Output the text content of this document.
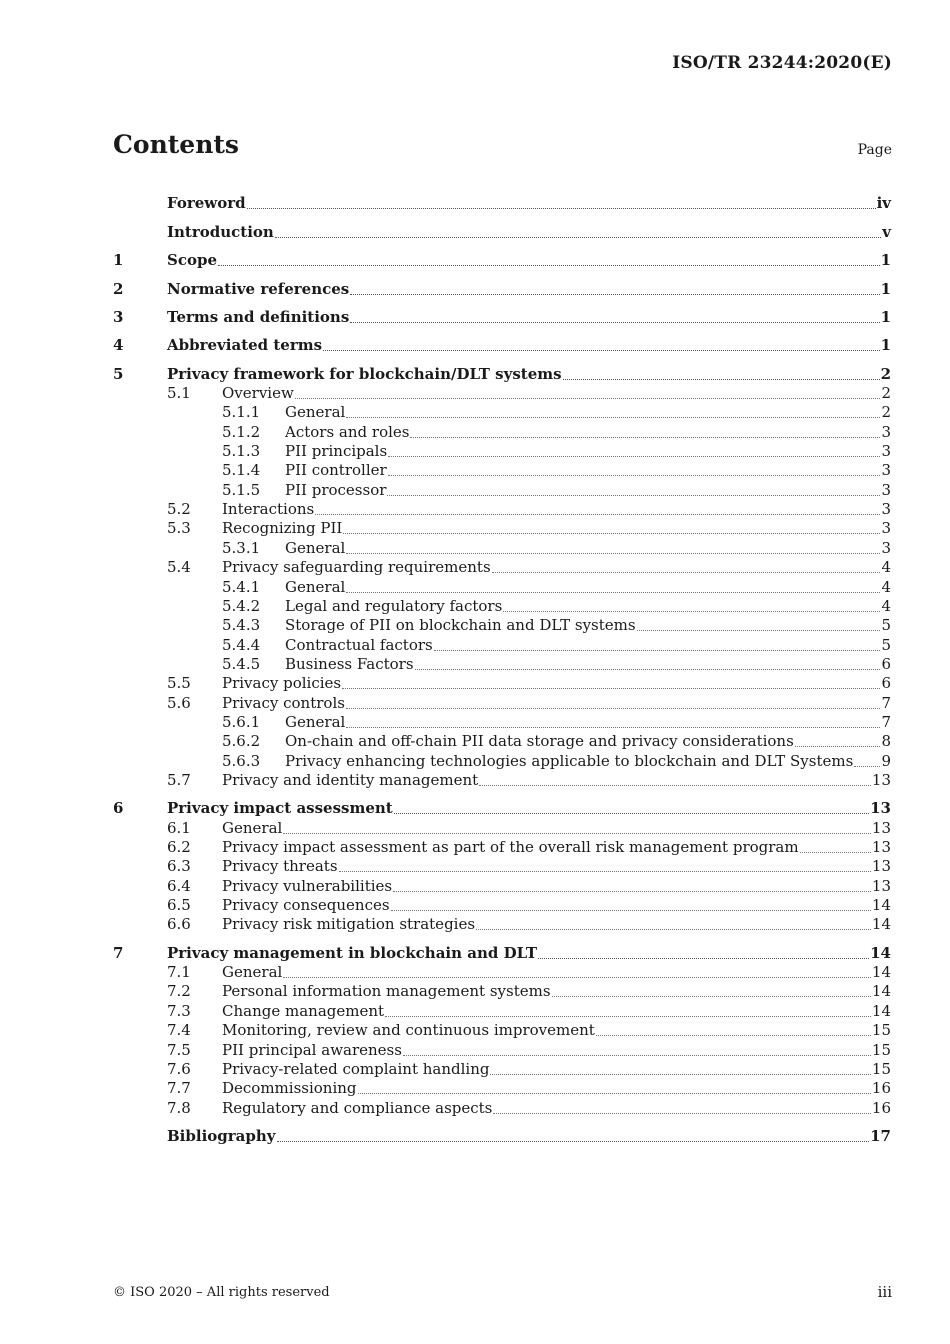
ISO/TR 23244:2020(E)
Contents	Page
Foreword	iv
Introduction	v
1	Scope	1
2	Normative references	1
3	Terms and definitions	1
4	Abbreviated terms	1
5	Privacy framework for blockchain/DLT systems	2
5.1	Overview	2
5.1.1	General	2
5.1.2	Actors and roles	3
5.1.3	PII principals	3
5.1.4	PII controller	3
5.1.5	PII processor	3
5.2	Interactions	3
5.3	Recognizing PII	3
5.3.1	General	3
5.4	Privacy safeguarding requirements	4
5.4.1	General	4
5.4.2	Legal and regulatory factors	4
5.4.3	Storage of PII on blockchain and DLT systems	5
5.4.4	Contractual factors	5
5.4.5	Business Factors	6
5.5	Privacy policies	6
5.6	Privacy controls	7
5.6.1	General	7
5.6.2	On-chain and off-chain PII data storage and privacy considerations	8
5.6.3	Privacy enhancing technologies applicable to blockchain and DLT Systems 9
5.7	Privacy and identity management	13
6	Privacy impact assessment	13
6.1	General	13
6.2	Privacy impact assessment as part of the overall risk management program	13
6.3	Privacy threats	13
6.4	Privacy vulnerabilities	13
6.5	Privacy consequences	14
6.6	Privacy risk mitigation strategies	14
7	Privacy management in blockchain and DLT	14
7.1	General	14
7.2	Personal information management systems	14
7.3	Change management	14
7.4	Monitoring, review and continuous improvement	15
7.5	PII principal awareness	15
7.6	Privacy-related complaint handling	15
7.7	Decommissioning	16
7.8	Regulatory and compliance aspects	16
Bibliography	17
© ISO 2020 – All rights reserved	iii
